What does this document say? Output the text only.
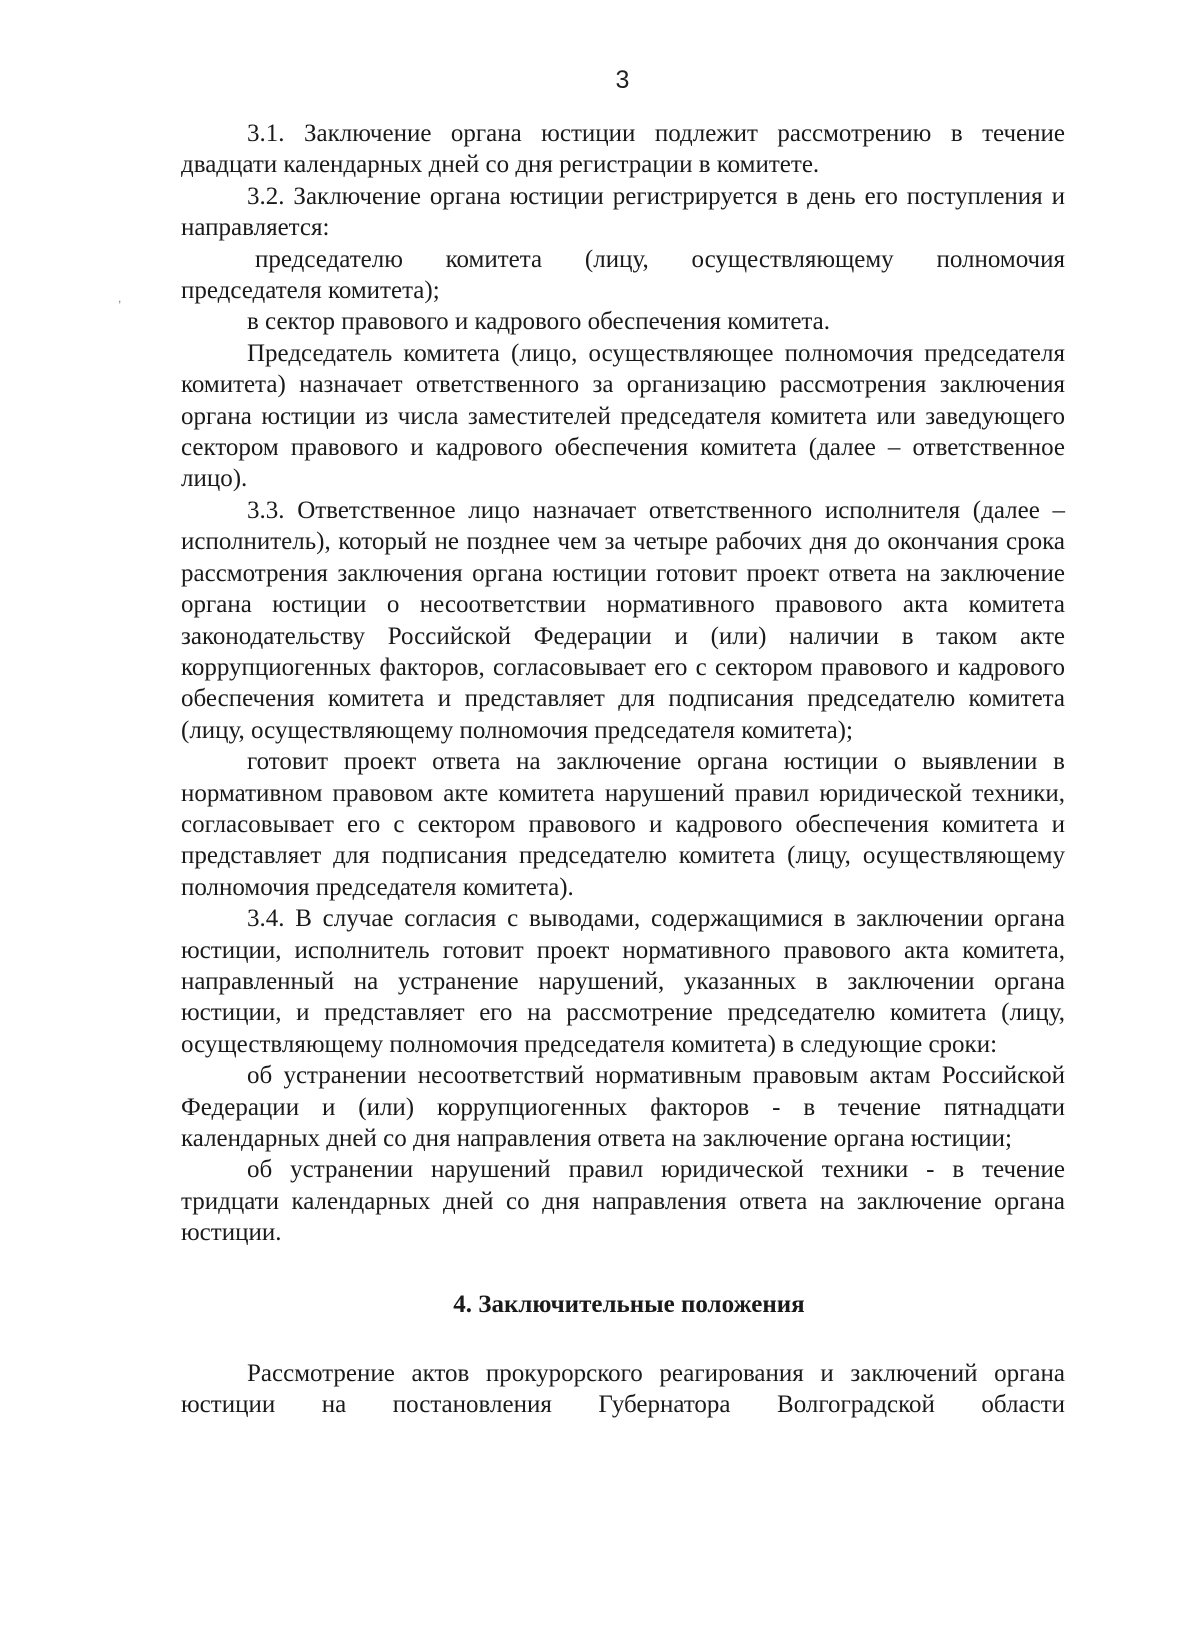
3
,

3.1. Заключение органа юстиции подлежит рассмотрению в течение двадцати календарных дней со дня регистрации в комитете.

3.2. Заключение органа юстиции регистрируется в день его поступления и направляется:

председателю комитета (лицу, осуществляющему полномочия председателя комитета);

в сектор правового и кадрового обеспечения комитета.

Председатель комитета (лицо, осуществляющее полномочия председателя комитета) назначает ответственного за организацию рассмотрения заключения органа юстиции из числа заместителей председателя комитета или заведующего сектором правового и кадрового обеспечения комитета (далее – ответственное лицо).

3.3. Ответственное лицо назначает ответственного исполнителя (далее – исполнитель), который не позднее чем за четыре рабочих дня до окончания срока рассмотрения заключения органа юстиции готовит проект ответа на заключение органа юстиции о несоответствии нормативного правового акта комитета законодательству Российской Федерации и (или) наличии в таком акте коррупциогенных факторов, согласовывает его с сектором правового и кадрового обеспечения комитета и представляет для подписания председателю комитета (лицу, осуществляющему полномочия председателя комитета);

готовит проект ответа на заключение органа юстиции о выявлении в нормативном правовом акте комитета нарушений правил юридической техники, согласовывает его с сектором правового и кадрового обеспечения комитета и представляет для подписания председателю комитета (лицу, осуществляющему полномочия председателя комитета).

3.4. В случае согласия с выводами, содержащимися в заключении органа юстиции, исполнитель готовит проект нормативного правового акта комитета, направленный на устранение нарушений, указанных в заключении органа юстиции, и представляет его на рассмотрение председателю комитета (лицу, осуществляющему полномочия председателя комитета) в следующие сроки:

об устранении несоответствий нормативным правовым актам Российской Федерации и (или) коррупциогенных факторов - в течение пятнадцати календарных дней со дня направления ответа на заключение органа юстиции;

об устранении нарушений правил юридической техники - в течение тридцати календарных дней со дня направления ответа на заключение органа юстиции.

4. Заключительные положения

Рассмотрение актов прокурорского реагирования и заключений органа юстиции на постановления Губернатора Волгоградской области
